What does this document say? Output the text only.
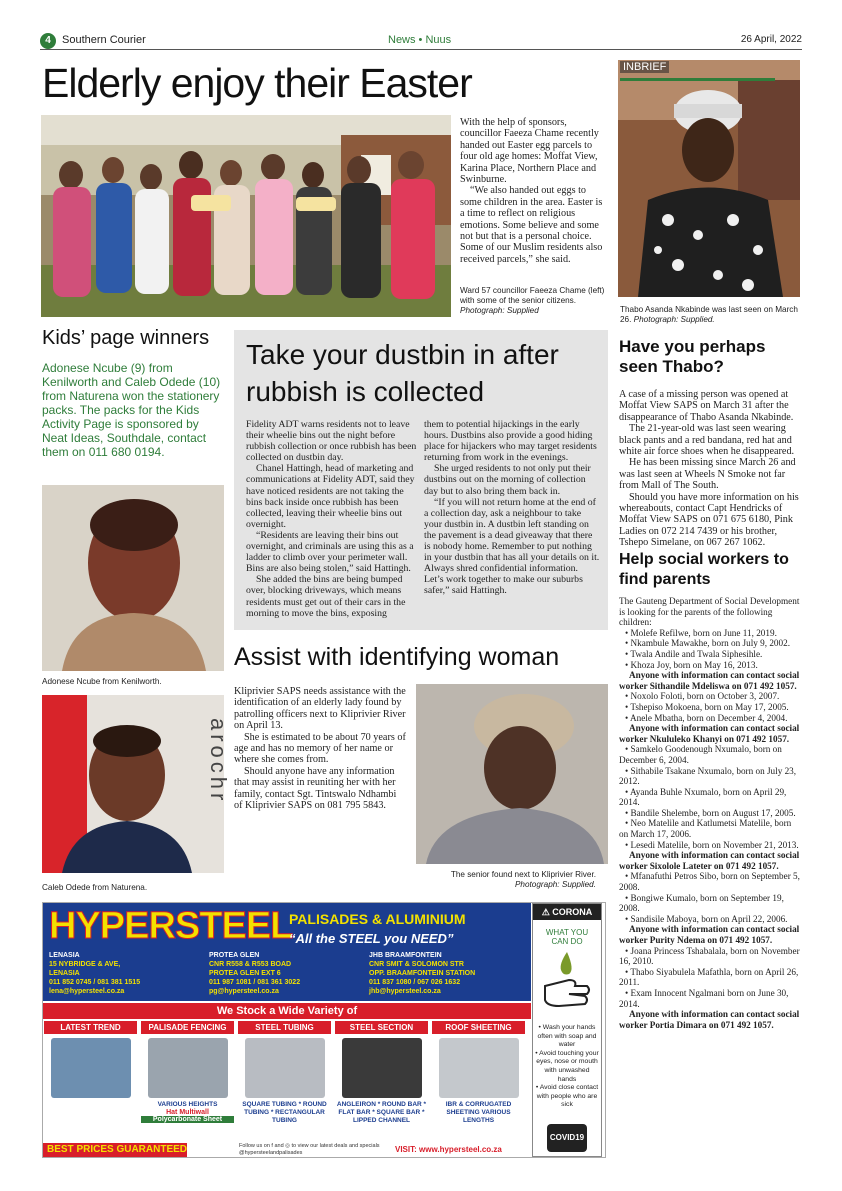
4	Southern Courier	News • Nuus	26 April, 2022
Elderly enjoy their Easter

With the help of sponsors, councillor Faeeza Chame recently handed out Easter egg parcels to four old age homes: Moffat View, Karina Place, Northern Place and Swinburne.

“We also handed out eggs to some children in the area. Easter is a time to reflect on religious emotions. Some believe and some not but that is a personal choice. Some of our Muslim residents also received parcels,” she said.

Ward 57 councillor Faeeza Chame (left) with some of the senior citizens. Photograph: Supplied
INBRIEF
Thabo Asanda Nkabinde was last seen on March 26. Photograph: Supplied.
Have you perhaps seen Thabo?

A case of a missing person was opened at Moffat View SAPS on March 31 after the disappearance of Thabo Asanda Nkabinde.

The 21-year-old was last seen wearing black pants and a red bandana, red hat and white air force shoes when he disappeared.

He has been missing since March 26 and was last seen at Wheels N Smoke not far from Mall of The South.

Should you have more information on his whereabouts, contact Capt Hendricks of Moffat View SAPS on 071 675 6180, Pink Ladies on 072 214 7439 or his brother, Tshepo Simelane, on 067 267 1062.

Kids’ page winners
Adonese Ncube (9) from Kenilworth and Caleb Odede (10) from Naturena won the stationery packs. The packs for the Kids Activity Page is sponsored by Neat Ideas, Southdale, contact them on 011 680 0194.
Adonese Ncube from Kenilworth.
arochr
Caleb Odede from Naturena.
Take your dustbin in after rubbish is collected

Fidelity ADT warns residents not to leave their wheelie bins out the night before rubbish collection or once rubbish has been collected on dustbin day.

Chanel Hattingh, head of marketing and communications at Fidelity ADT, said they have noticed residents are not taking the bins back inside once rubbish has been collected, leaving their wheelie bins out overnight.

“Residents are leaving their bins out overnight, and criminals are using this as a ladder to climb over your perimeter wall. Bins are also being stolen,” said Hattingh.

She added the bins are being bumped over, blocking driveways, which means residents must get out of their cars in the morning to move the bins, exposing

them to potential hijackings in the early hours. Dustbins also provide a good hiding place for hijackers who may target residents returning from work in the evenings.

She urged residents to not only put their dustbins out on the morning of collection day but to also bring them back in.

“If you will not return home at the end of a collection day, ask a neighbour to take your dustbin in. A dustbin left standing on the pavement is a dead giveaway that there is nobody home. Remember to put nothing in your dustbin that has all your details on it. Always shred confidential information. Let’s work together to make our suburbs safer,” said Hattingh.

Assist with identifying woman

Kliprivier SAPS needs assistance with the identification of an elderly lady found by patrolling officers next to Kliprivier River on April 13.

She is estimated to be about 70 years of age and has no memory of her name or where she comes from.

Should anyone have any information that may assist in reuniting her with her family, contact Sgt. Tintswalo Ndhambi of Kliprivier SAPS on 081 795 5843.

The senior found next to Kliprivier River.
Photograph: Supplied.
Help social workers to find parents

The Gauteng Department of Social Development is looking for the parents of the following children:

• Molefe Refilwe, born on June 11, 2019.

• Nkambule Mawakhe, born on July 9, 2002.

• Twala Andile and Twala Siphesihle.

• Khoza Joy, born on May 16, 2013.

Anyone with information can contact social worker Sithandile Mdeliswa on 071 492 1057.

• Noxolo Foloti, born on October 3, 2007.

• Tshepiso Mokoena, born on May 17, 2005.

• Anele Mbatha, born on December 4, 2004.

Anyone with information can contact social worker Nkululeko Khanyi on 071 492 1057.

• Samkelo Goodenough Nxumalo, born on December 6, 2004.

• Sithabile Tsakane Nxumalo, born on July 23, 2012.

• Ayanda Buhle Nxumalo, born on April 29, 2014.

• Bandile Shelembe, born on August 17, 2005.

• Neo Matelile and Katlumetsi Matelile, born on March 17, 2006.

• Lesedi Matelile, born on November 21, 2013.

Anyone with information can contact social worker Sixolole Lateter on 071 492 1057.

• Mfanafuthi Petros Sibo, born on September 5, 2008.

• Bongiwe Kumalo, born on September 19, 2008.

• Sandisile Maboya, born on April 22, 2006.

Anyone with information can contact social worker Purity Ndema on 071 492 1057.

• Joana Princess Tshabalala, born on November 16, 2010.

• Thabo Siyabulela Mafathla, born on April 26, 2011.

• Exam Innocent Ngalmani born on June 30, 2014.

Anyone with information can contact social worker Portia Dimara on 071 492 1057.

HYPERSTEEL
PALISADES & ALUMINIUM
“All the STEEL you NEED”
LENASIA
15 NYBRIDGE & AVE,
LENASIA
011 852 0745 / 081 381 1515
lena@hypersteel.co.za
PROTEA GLEN
CNR R558 & R553 BOAD
PROTEA GLEN EXT 6
011 987 1081 / 081 361 3022
pg@hypersteel.co.za
JHB BRAAMFONTEIN
CNR SMIT & SOLOMON STR
OPP. BRAAMFONTEIN STATION
011 837 1080 / 067 026 1632
jhb@hypersteel.co.za
We Stock a Wide Variety of
LATEST TREND	PALISADE FENCING
VARIOUS HEIGHTS
Hat Multiwall
Polycarbonate Sheet
STEEL TUBING
SQUARE TUBING * ROUND TUBING * RECTANGULAR TUBING
STEEL SECTION
ANGLEIRON * ROUND BAR * FLAT BAR * SQUARE BAR * LIPPED CHANNEL
ROOF SHEETING
IBR & CORRUGATED SHEETING VARIOUS LENGTHS
BEST PRICES GUARANTEED	Follow us on f and ◎ to view our latest deals and specials @hypersteelandpalisades	VISIT: www.hypersteel.co.za
⚠ CORONA
WHAT YOU CAN DO
• Wash your hands often with soap and water
• Avoid touching your eyes, nose or mouth with unwashed hands
• Avoid close contact with people who are sick
COVID19
